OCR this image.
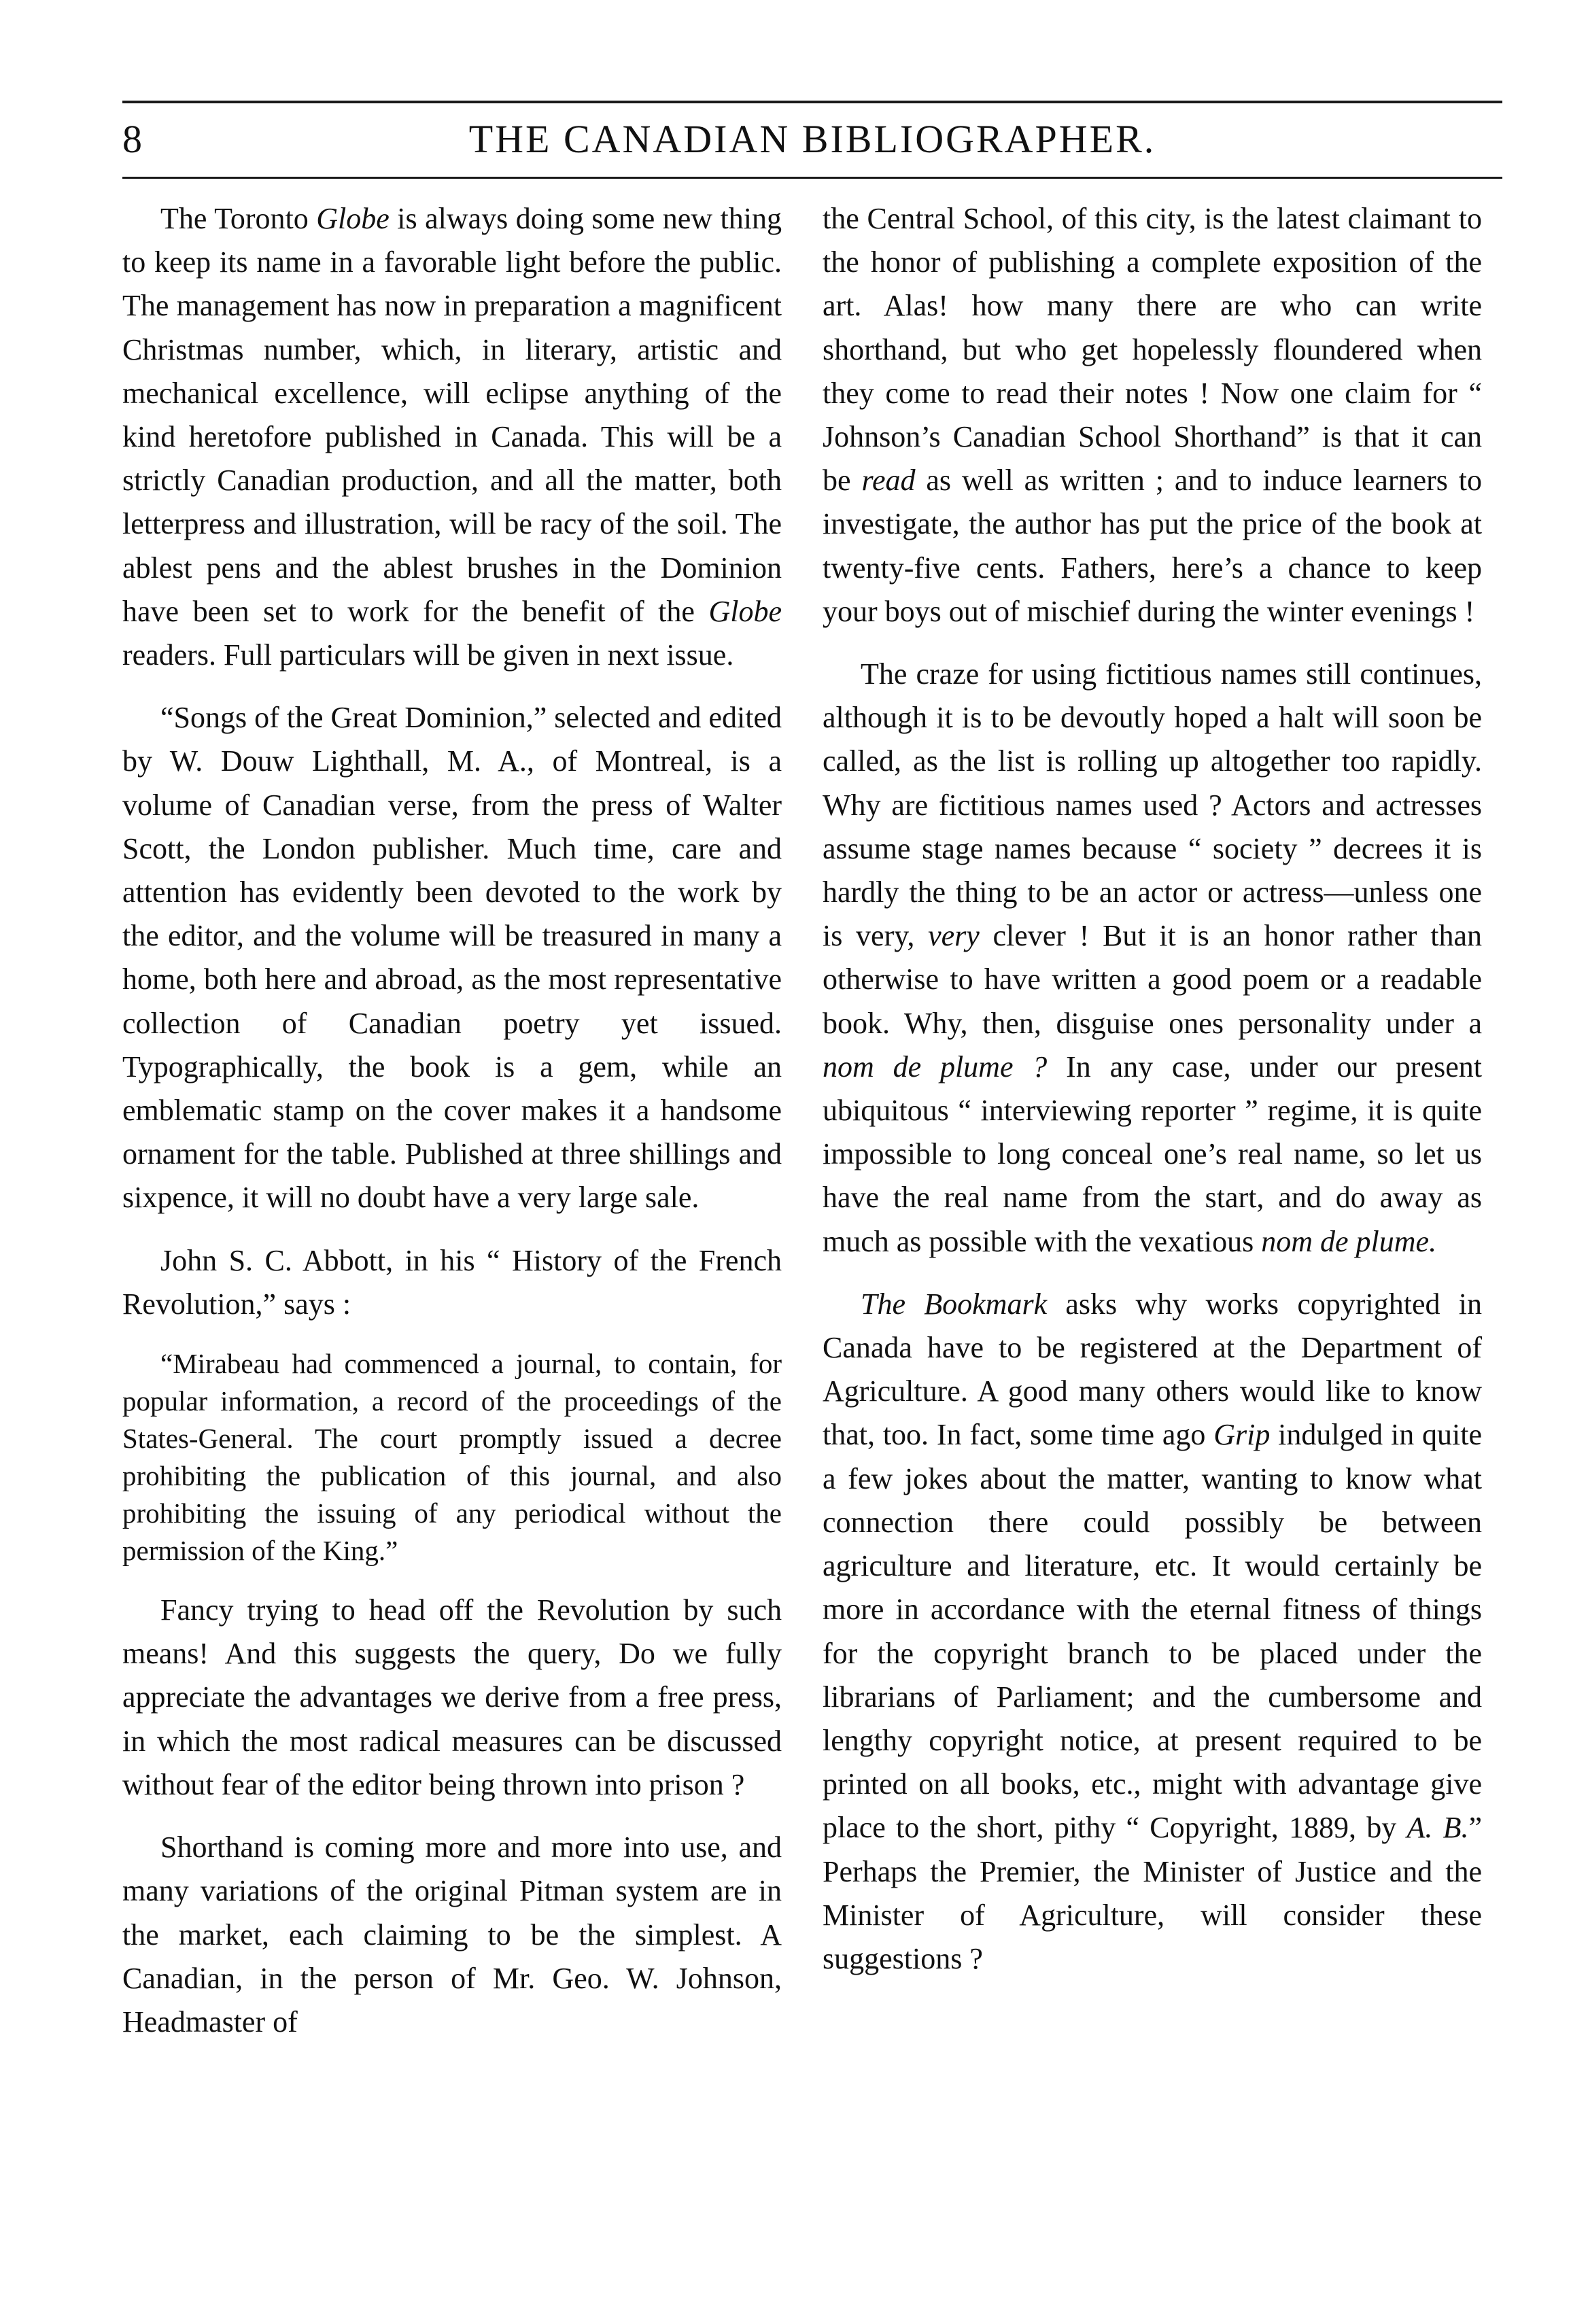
8	THE CANADIAN BIBLIOGRAPHER.

The Toronto Globe is always doing some new thing to keep its name in a favorable light before the public. The management has now in preparation a magnificent Christmas number, which, in literary, artistic and mechanical excellence, will eclipse anything of the kind heretofore published in Canada. This will be a strictly Canadian production, and all the matter, both letterpress and illustration, will be racy of the soil. The ablest pens and the ablest brushes in the Dominion have been set to work for the benefit of the Globe readers. Full particulars will be given in next issue.

“Songs of the Great Dominion,” selected and edited by W. Douw Lighthall, M. A., of Montreal, is a volume of Canadian verse, from the press of Walter Scott, the London publisher. Much time, care and attention has evidently been devoted to the work by the editor, and the volume will be treasured in many a home, both here and abroad, as the most representative collection of Canadian poetry yet issued. Typographically, the book is a gem, while an emblematic stamp on the cover makes it a handsome ornament for the table. Published at three shillings and sixpence, it will no doubt have a very large sale.

John S. C. Abbott, in his “ History of the French Revolution,” says :

“Mirabeau had commenced a journal, to contain, for popular information, a record of the proceedings of the States-General. The court promptly issued a decree prohibiting the publication of this journal, and also prohibiting the issuing of any periodical without the permission of the King.”

Fancy trying to head off the Revolution by such means! And this suggests the query, Do we fully appreciate the advantages we derive from a free press, in which the most radical measures can be discussed without fear of the editor being thrown into prison ?

Shorthand is coming more and more into use, and many variations of the original Pitman system are in the market, each claiming to be the simplest. A Canadian, in the person of Mr. Geo. W. Johnson, Headmaster of

the Central School, of this city, is the latest claimant to the honor of publishing a complete exposition of the art. Alas! how many there are who can write shorthand, but who get hopelessly floundered when they come to read their notes ! Now one claim for “ Johnson’s Canadian School Shorthand” is that it can be read as well as written ; and to induce learners to investigate, the author has put the price of the book at twenty-five cents. Fathers, here’s a chance to keep your boys out of mischief during the winter evenings !

The craze for using fictitious names still continues, although it is to be devoutly hoped a halt will soon be called, as the list is rolling up altogether too rapidly. Why are fictitious names used ? Actors and actresses assume stage names because “ society ” decrees it is hardly the thing to be an actor or actress—unless one is very, very clever ! But it is an honor rather than otherwise to have written a good poem or a readable book. Why, then, disguise ones personality under a nom de plume ? In any case, under our present ubiquitous “ interviewing reporter ” regime, it is quite impossible to long conceal one’s real name, so let us have the real name from the start, and do away as much as possible with the vexatious nom de plume.

The Bookmark asks why works copyrighted in Canada have to be registered at the Department of Agriculture. A good many others would like to know that, too. In fact, some time ago Grip indulged in quite a few jokes about the matter, wanting to know what connection there could possibly be between agriculture and literature, etc. It would certainly be more in accordance with the eternal fitness of things for the copyright branch to be placed under the librarians of Parliament; and the cumbersome and lengthy copyright notice, at present required to be printed on all books, etc., might with advantage give place to the short, pithy “ Copyright, 1889, by A. B.” Perhaps the Premier, the Minister of Justice and the Minister of Agriculture, will consider these suggestions ?
